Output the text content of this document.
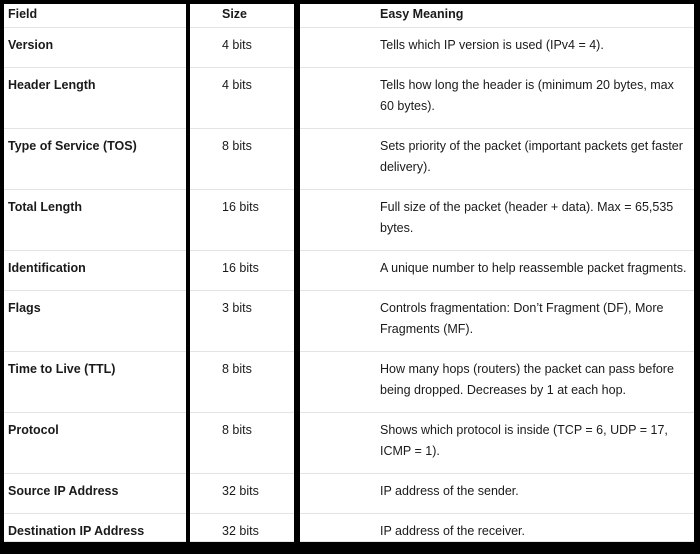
Field
Version
Header Length
Type of Service (TOS)
Total Length
Identification
Flags
Time to Live (TTL)
Protocol
Source IP Address
Destination IP Address
Size
4 bits
4 bits
8 bits
16 bits
16 bits
3 bits
8 bits
8 bits
32 bits
32 bits
Easy Meaning
Tells which IP version is used (IPv4 = 4).
Tells how long the header is (minimum 20 bytes, max 60 bytes).
Sets priority of the packet (important packets get faster delivery).
Full size of the packet (header + data). Max = 65,535 bytes.
A unique number to help reassemble packet fragments.
Controls fragmentation: Don’t Fragment (DF), More Fragments (MF).
How many hops (routers) the packet can pass before being dropped. Decreases by 1 at each hop.
Shows which protocol is inside (TCP = 6, UDP = 17, ICMP = 1).
IP address of the sender.
IP address of the receiver.
